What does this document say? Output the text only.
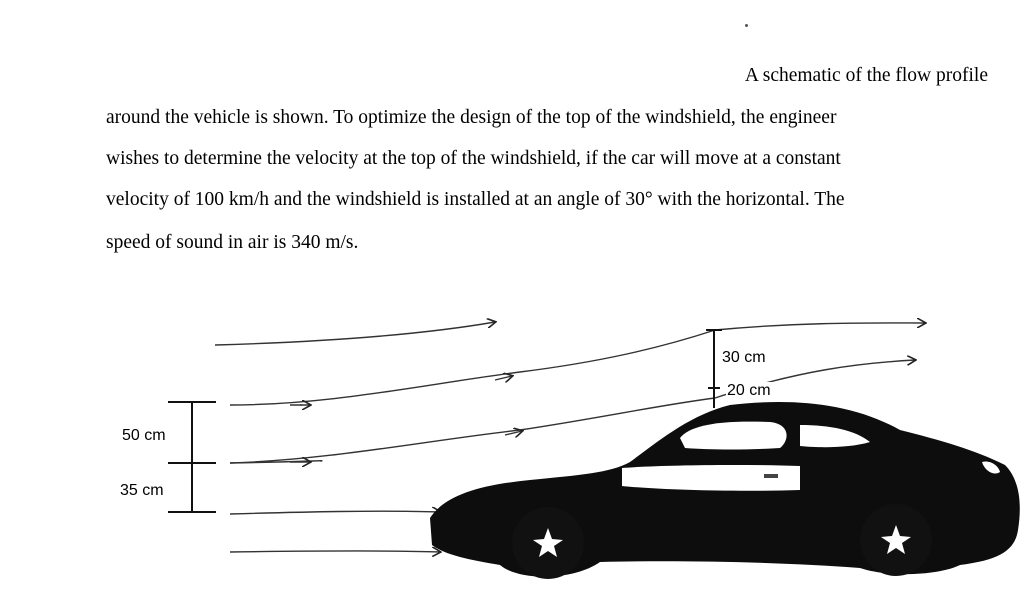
A schematic of the flow profile
around the vehicle is shown. To optimize the design of the top of the windshield, the engineer
wishes to determine the velocity at the top of the windshield, if the car will move at a constant
velocity of 100 km/h and the windshield is installed at an angle of 30° with the horizontal. The
speed of sound in air is 340 m/s.
50 cm
35 cm
30 cm
20 cm
